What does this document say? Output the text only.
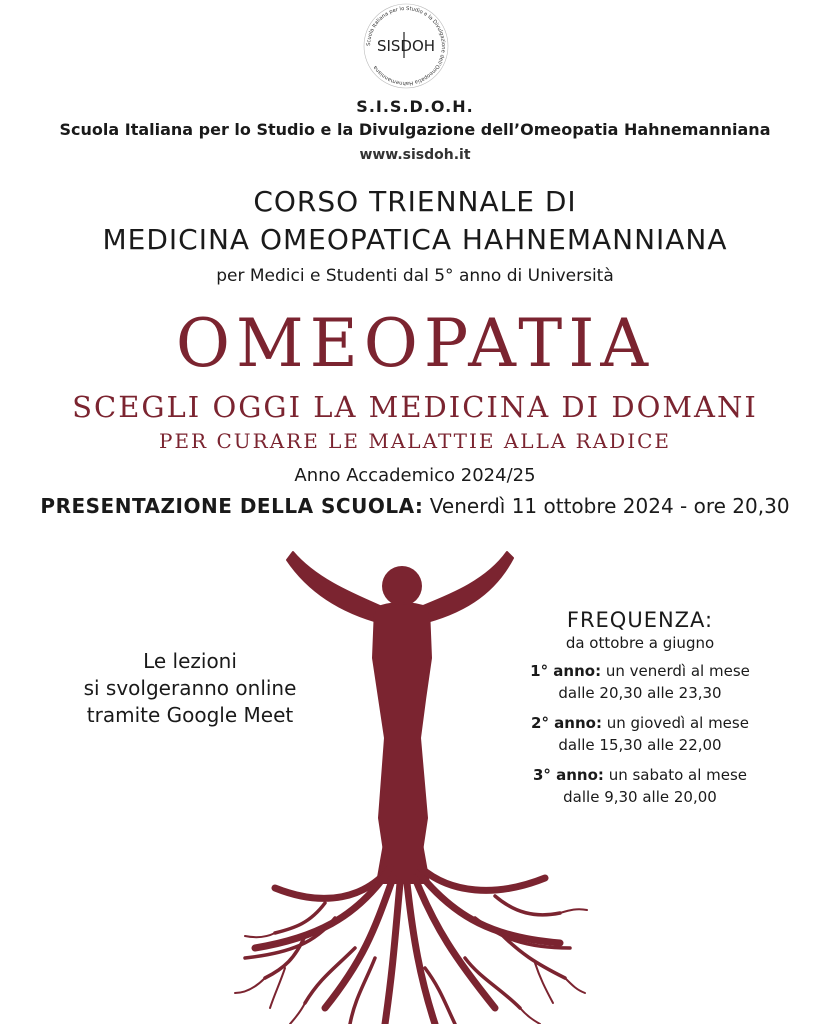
Scuola Italiana per lo Studio e la Divulgazione dell'Omeopatia Hahnemanniana
SISDOH
S.I.S.D.O.H.
Scuola Italiana per lo Studio e la Divulgazione dell’Omeopatia Hahnemanniana
www.sisdoh.it
CORSO TRIENNALE DI
MEDICINA OMEOPATICA HAHNEMANNIANA
per Medici e Studenti dal 5° anno di Università
OMEOPATIA
SCEGLI OGGI LA MEDICINA DI DOMANI
PER CURARE LE MALATTIE ALLA RADICE
Anno Accademico 2024/25
PRESENTAZIONE DELLA SCUOLA: Venerdì 11 ottobre 2024 - ore 20,30
Le lezioni
si svolgeranno online
tramite Google Meet
FREQUENZA:
da ottobre a giugno
1° anno: un venerdì al mese
dalle 20,30 alle 23,30
2° anno: un giovedì al mese
dalle 15,30 alle 22,00
3° anno: un sabato al mese
dalle 9,30 alle 20,00
